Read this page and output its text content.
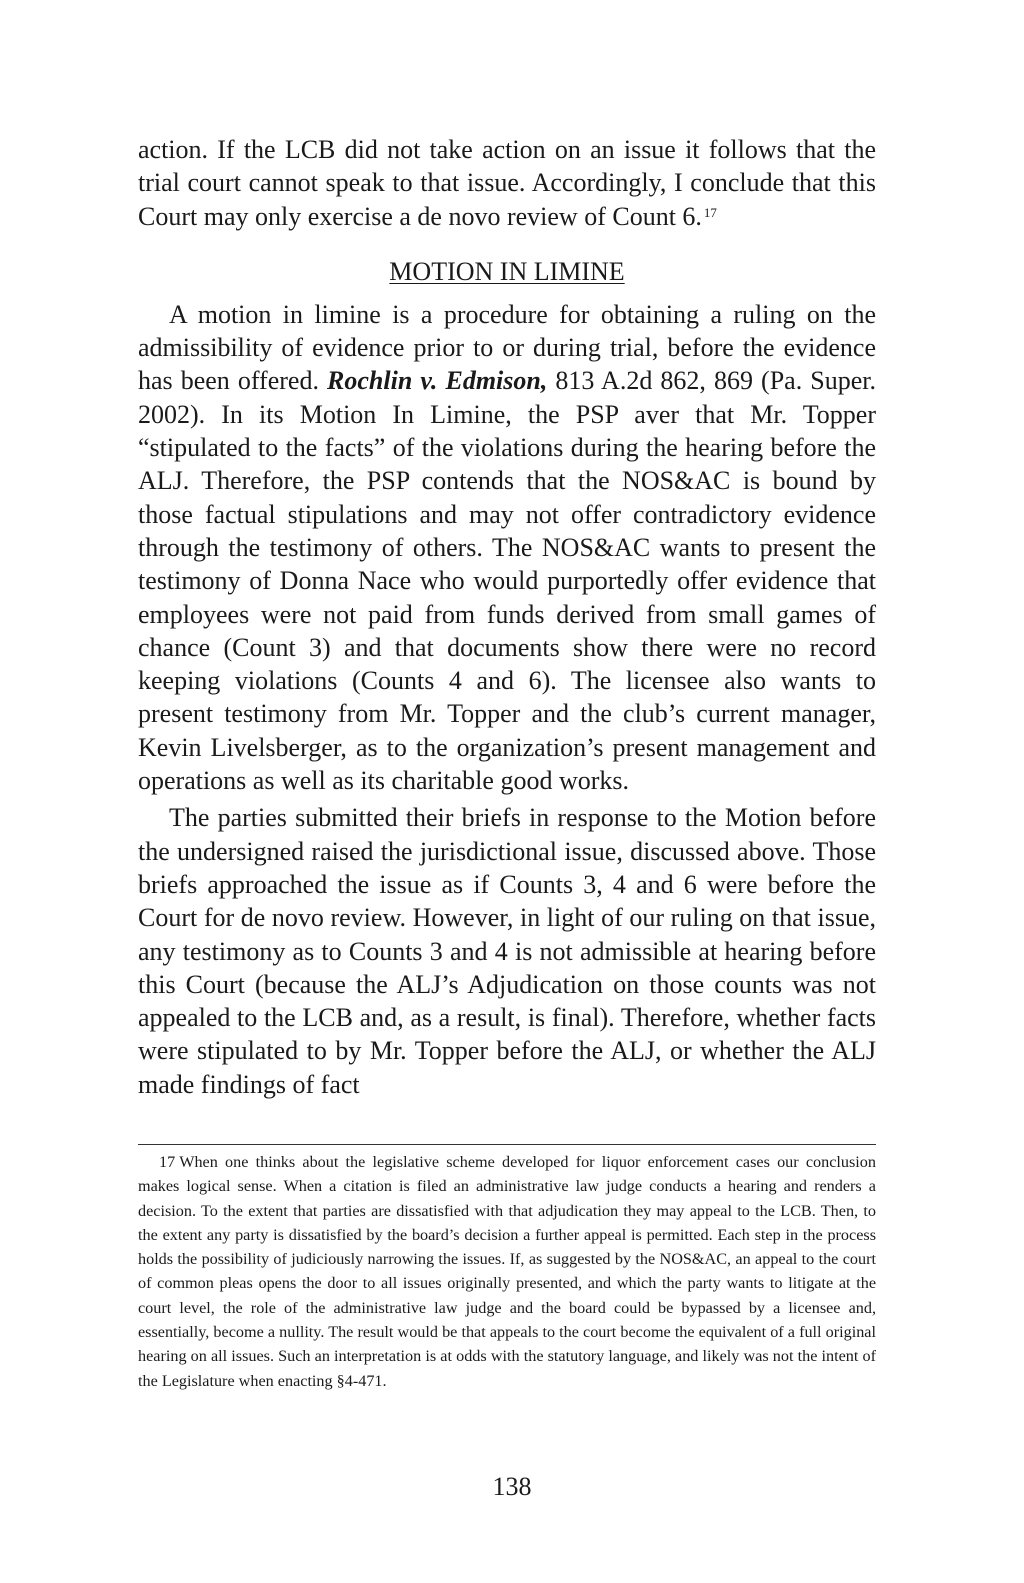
action. If the LCB did not take action on an issue it follows that the trial court cannot speak to that issue. Accordingly, I conclude that this Court may only exercise a de novo review of Count 6. $^{17}$

MOTION IN LIMINE

A motion in limine is a procedure for obtaining a ruling on the admissibility of evidence prior to or during trial, before the evidence has been offered. Rochlin v. Edmison, 813 A.2d 862, 869 (Pa. Super. 2002). In its Motion In Limine, the PSP aver that Mr. Topper “stipulated to the facts” of the violations during the hearing before the ALJ. Therefore, the PSP contends that the NOS&AC is bound by those factual stipulations and may not offer contradictory evidence through the testimony of others. The NOS&AC wants to present the testimony of Donna Nace who would purportedly offer evidence that employees were not paid from funds derived from small games of chance (Count 3) and that documents show there were no record keeping violations (Counts 4 and 6). The licensee also wants to present testimony from Mr. Topper and the club’s current manager, Kevin Livelsberger, as to the organization’s present management and operations as well as its charitable good works.

The parties submitted their briefs in response to the Motion before the undersigned raised the jurisdictional issue, discussed above. Those briefs approached the issue as if Counts 3, 4 and 6 were before the Court for de novo review. However, in light of our ruling on that issue, any testimony as to Counts 3 and 4 is not admissible at hearing before this Court (because the ALJ’s Adjudication on those counts was not appealed to the LCB and, as a result, is final). Therefore, whether facts were stipulated to by Mr. Topper before the ALJ, or whether the ALJ made findings of fact

17 When one thinks about the legislative scheme developed for liquor enforcement cases our conclusion makes logical sense. When a citation is filed an administrative law judge conducts a hearing and renders a decision. To the extent that parties are dissatisfied with that adjudication they may appeal to the LCB. Then, to the extent any party is dissatisfied by the board’s decision a further appeal is permitted. Each step in the process holds the possibility of judiciously narrowing the issues. If, as suggested by the NOS&AC, an appeal to the court of common pleas opens the door to all issues originally presented, and which the party wants to litigate at the court level, the role of the administrative law judge and the board could be bypassed by a licensee and, essentially, become a nullity. The result would be that appeals to the court become the equivalent of a full original hearing on all issues. Such an interpretation is at odds with the statutory language, and likely was not the intent of the Legislature when enacting §4-471.

138
